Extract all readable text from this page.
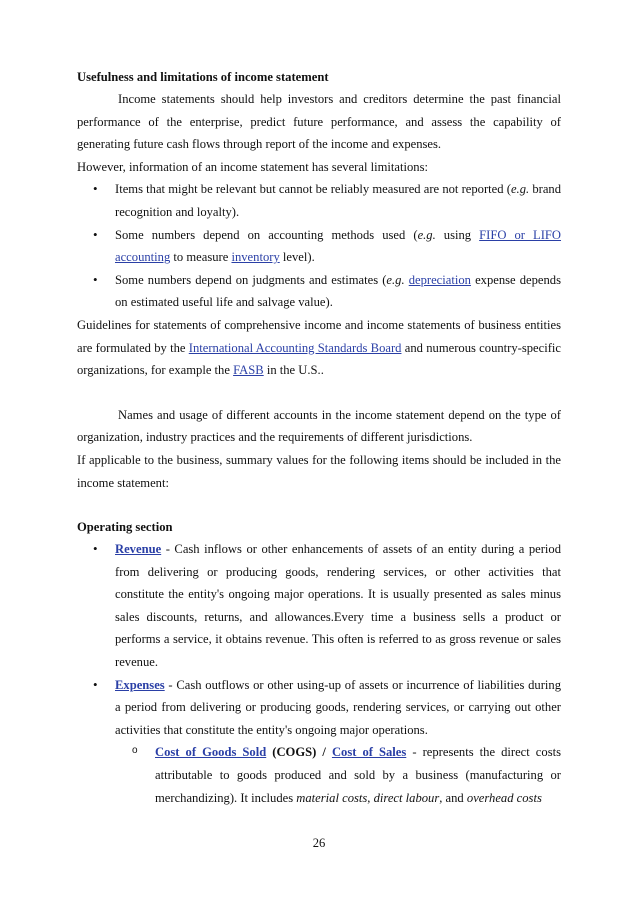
Usefulness and limitations of income statement

Income statements should help investors and creditors determine the past financial performance of the enterprise, predict future performance, and assess the capability of generating future cash flows through report of the income and expenses.

However, information of an income statement has several limitations:

• Items that might be relevant but cannot be reliably measured are not reported (e.g. brand recognition and loyalty).
• Some numbers depend on accounting methods used (e.g. using FIFO or LIFO accounting to measure inventory level).
• Some numbers depend on judgments and estimates (e.g. depreciation expense depends on estimated useful life and salvage value).

Guidelines for statements of comprehensive income and income statements of business entities are formulated by the International Accounting Standards Board and numerous country-specific organizations, for example the FASB in the U.S..

Names and usage of different accounts in the income statement depend on the type of organization, industry practices and the requirements of different jurisdictions.

If applicable to the business, summary values for the following items should be included in the income statement:

Operating section
• Revenue - Cash inflows or other enhancements of assets of an entity during a period from delivering or producing goods, rendering services, or other activities that constitute the entity's ongoing major operations. It is usually presented as sales minus sales discounts, returns, and allowances.Every time a business sells a product or performs a service, it obtains revenue. This often is referred to as gross revenue or sales revenue.
• Expenses - Cash outflows or other using-up of assets or incurrence of liabilities during a period from delivering or producing goods, rendering services, or carrying out other activities that constitute the entity's ongoing major operations.
o Cost of Goods Sold (COGS) / Cost of Sales - represents the direct costs attributable to goods produced and sold by a business (manufacturing or merchandizing). It includes material costs, direct labour, and overhead costs
26
